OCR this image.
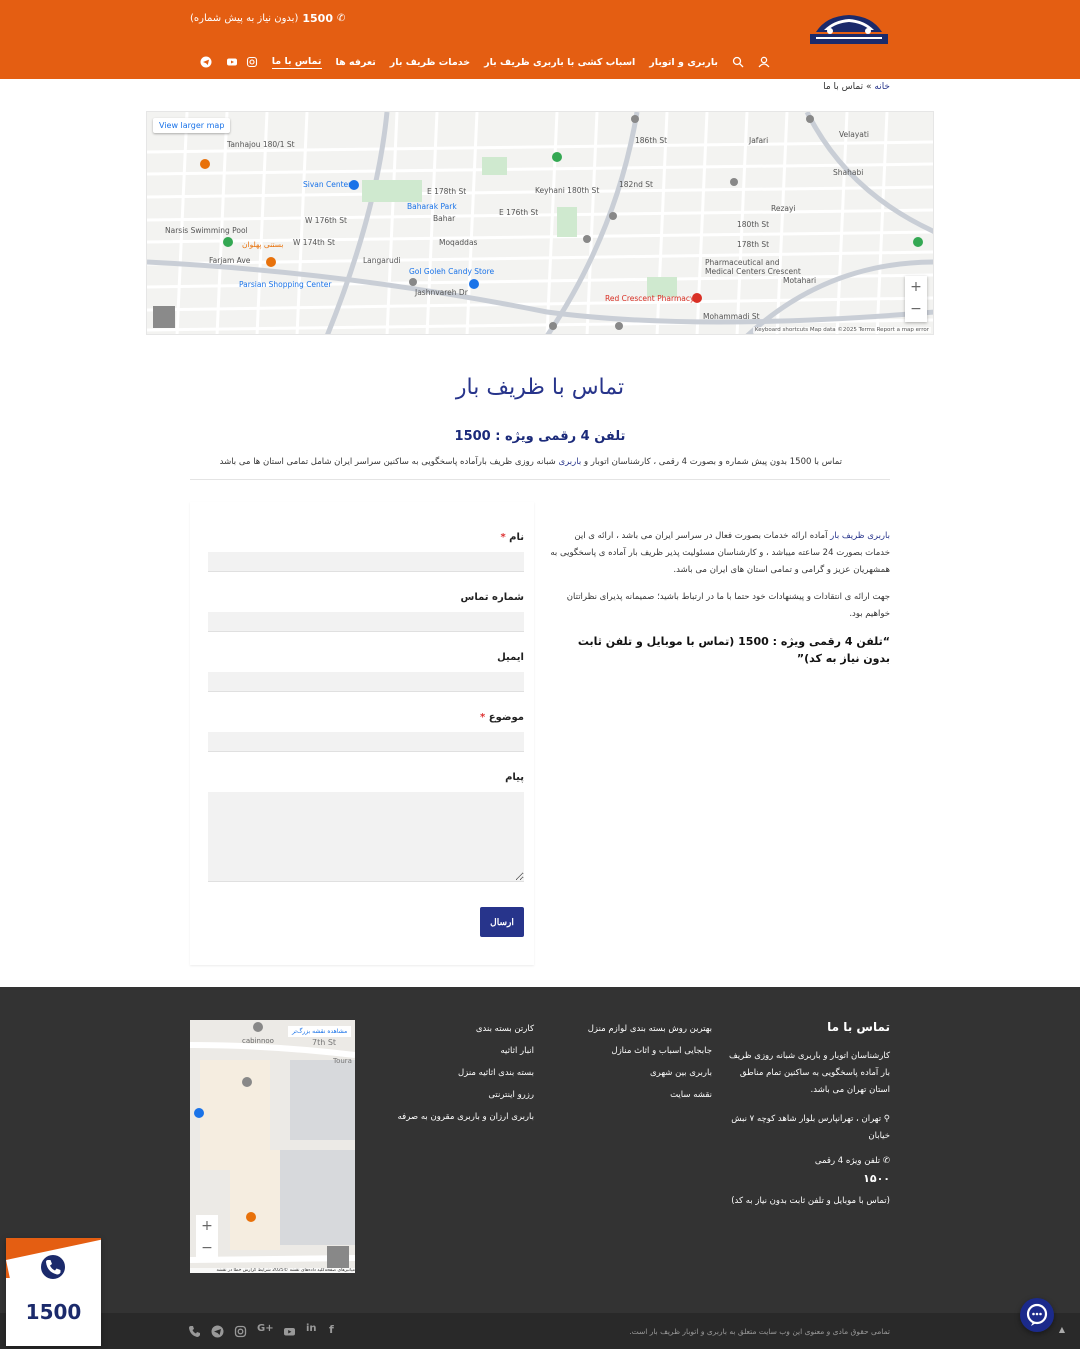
✆
1500
(بدون نیاز به پیش شماره)
باربری و اتوبار
اسباب کشی با باربری ظریف بار
خدمات ظریف بار
تعرفه ها
تماس با ما
خانه » تماس با ما
View larger map
Sivan Center
Baharak Park
Narsis Swimming Pool
Parsian Shopping Center
Gol Goleh Candy Store
Red Crescent Pharmacy
Pharmaceutical and Medical Centers Crescent
بستنی پهلوان
Farjam Ave
Jashnvareh Dr
Moqaddas
Bahar
Keyhani 180th St
E 178th St
E 176th St
W 176th St
W 174th St
Jafari
Velayati
Shahabi
Rezayi
Mohammadi St
Motahari
Langarudi
Tanhajou 180/1 St	186th St
182nd St
178th St
180th St
+
−
Keyboard shortcuts Map data ©2025 Terms Report a map error
تماس با ظریف بار
تلفن 4 رقمی ویژه : 1500

تماس با 1500 بدون پیش شماره و بصورت 4 رقمی ، کارشناسان اتوبار و باربری شبانه روزی ظریف بارآماده پاسخگویی به ساکنین سراسر ایران شامل تمامی استان ها می باشد

نام *
شماره تماس
ایمیل
موضوع *
پیام
ارسال

باربری ظریف بار آماده ارائه خدمات بصورت فعال در سراسر ایران می باشد ، ارائه ی این خدمات بصورت 24 ساعته میباشد ، و کارشناسان مسئولیت پذیر ظریف بار آماده ی پاسخگویی به همشهریان عزیز و گرامی و تمامی استان های ایران می باشد.

جهت ارائه ی انتقادات و پیشنهادات خود حتما با ما در ارتباط باشید؛ صمیمانه پذیرای نظراتتان خواهیم بود.

“تلفن 4 رقمی ویژه : 1500 (تماس با موبایل و تلفن ثابت بدون نیاز به کد)”

تماس با ما
کارشناسان اتوبار و باربری شبانه روزی ظریف بار آماده پاسخگویی به ساکنین تمام مناطق استان تهران می باشد.
⚲ تهران ، تهرانپارس بلوار شاهد کوچه ۷ نبش خیابان
✆ تلفن ویژه 4 رقمی
۱۵۰۰
(تماس با موبایل و تلفن ثابت بدون نیاز به کد)
بهترین روش بسته بندی لوازم منزل
جابجایی اسباب و اثاث منازل
باربری بین شهری
نقشه سایت
کارتن بسته بندی
انبار اثاثیه
بسته بندی اثاثیه منزل
رزرو اینترنتی
باربری ارزان و باربری مقرون به صرفه
مشاهده نقشه بزرگ‌تر
cabinnoo	7th St
Toura
+
−
میانبرهای صفحه‌کلید داده‌های نقشه ©2025 شرایط گزارش خطا در نقشه
تمامی حقوق مادی و معنوی این وب سایت متعلق به باربری و اتوبار ظریف بار است.
G+	in f
1500
▲
